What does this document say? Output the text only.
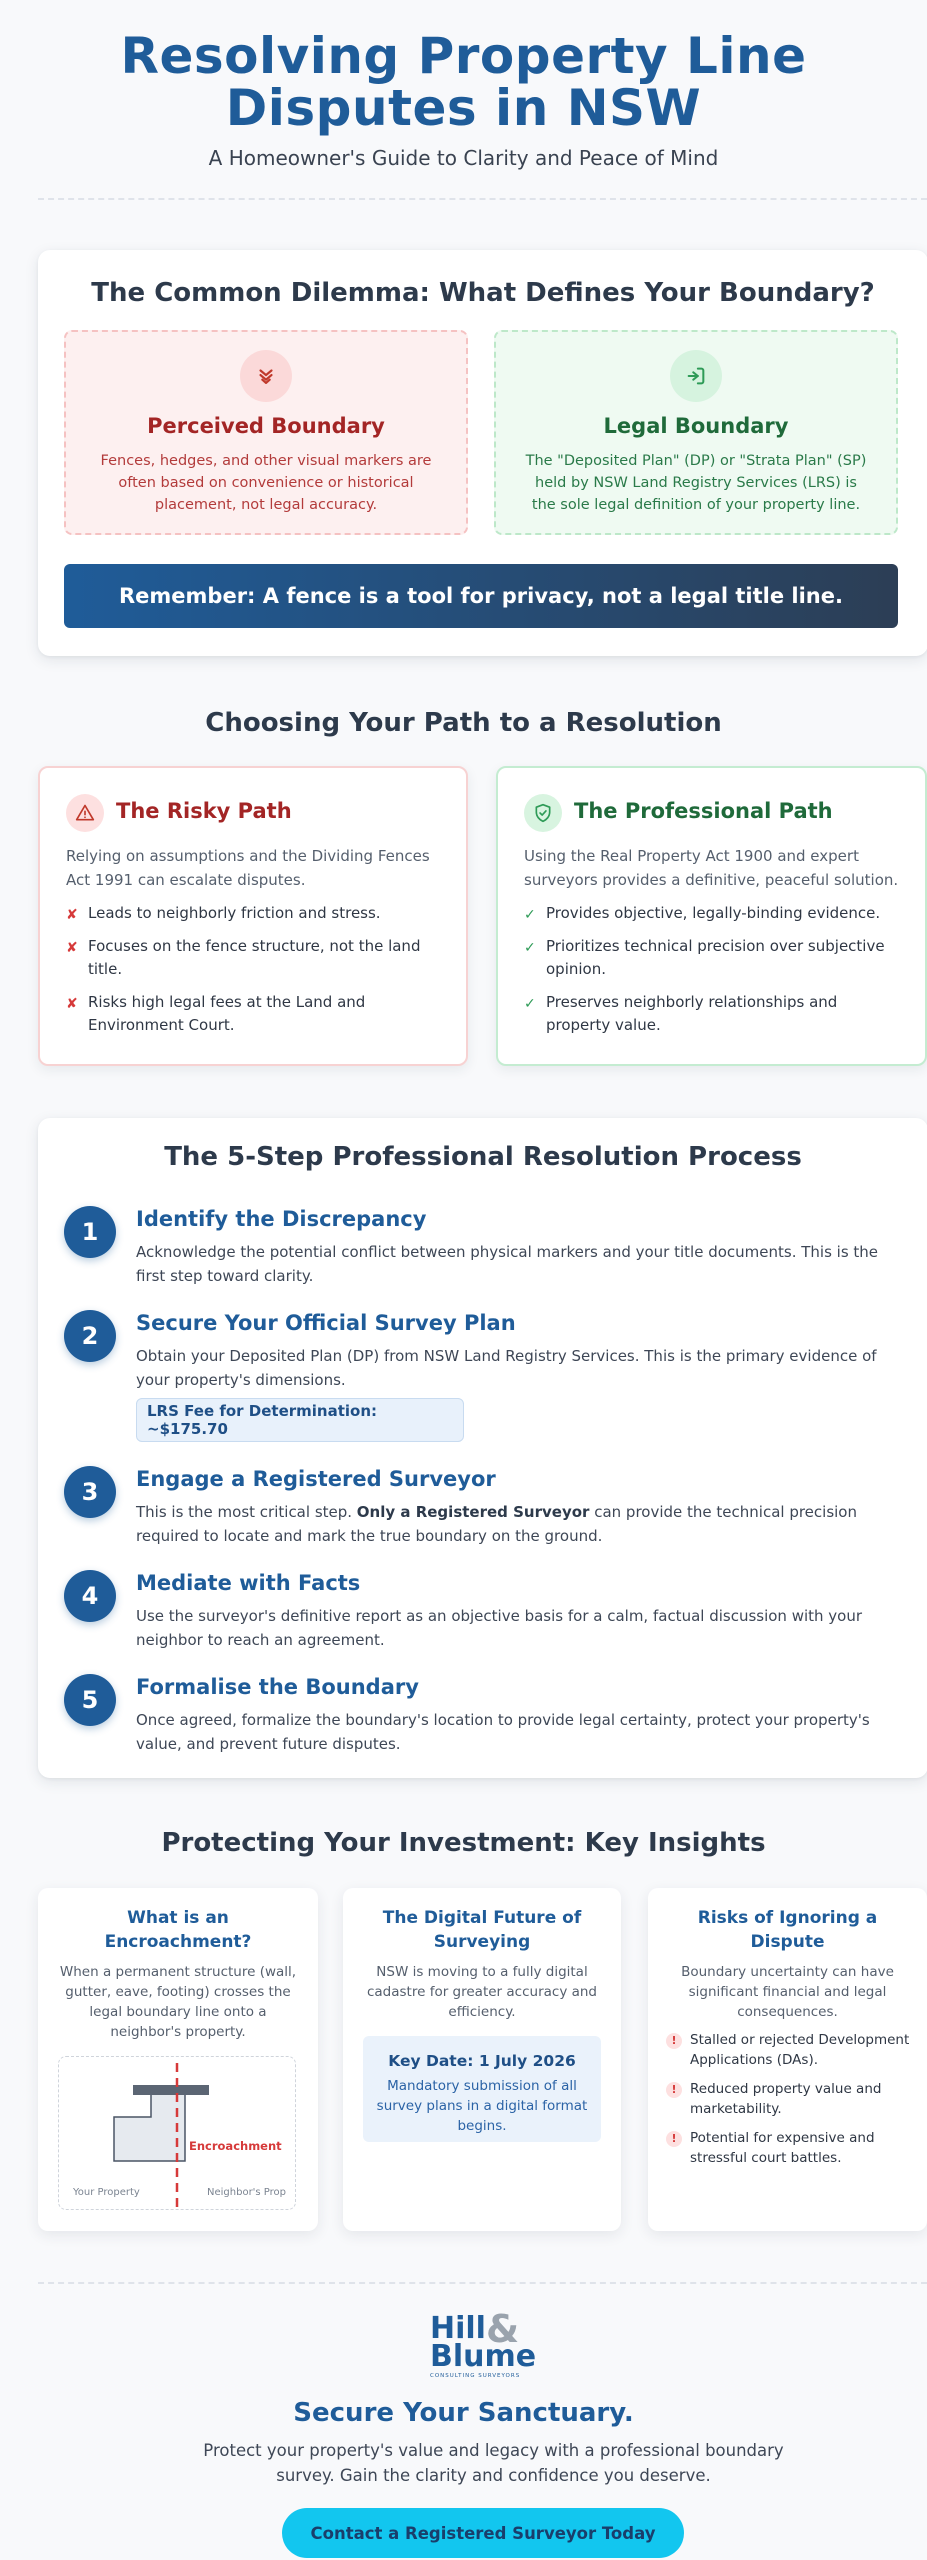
Resolving Property Line Disputes in NSW

A Homeowner's Guide to Clarity and Peace of Mind

The Common Dilemma: What Defines Your Boundary?
Perceived Boundary

Fences, hedges, and other visual markers are often based on convenience or historical placement, not legal accuracy.

Legal Boundary

The "Deposited Plan" (DP) or "Strata Plan" (SP) held by NSW Land Registry Services (LRS) is the sole legal definition of your property line.

Remember: A fence is a tool for privacy, not a legal title line.
Choosing Your Path to a Resolution
The Risky Path

Relying on assumptions and the Dividing Fences Act 1991 can escalate disputes.

✘ Leads to neighborly friction and stress.
✘ Focuses on the fence structure, not the land title.
✘ Risks high legal fees at the Land and Environment Court.
The Professional Path

Using the Real Property Act 1900 and expert surveyors provides a definitive, peaceful solution.

✓ Provides objective, legally-binding evidence.
✓ Prioritizes technical precision over subjective opinion.
✓ Preserves neighborly relationships and property value.
The 5-Step Professional Resolution Process
1	Identify the Discrepancy

Acknowledge the potential conflict between physical markers and your title documents. This is the first step toward clarity.

2	Secure Your Official Survey Plan

Obtain your Deposited Plan (DP) from NSW Land Registry Services. This is the primary evidence of your property's dimensions.

LRS Fee for Determination: ~$175.70
3	Engage a Registered Surveyor

This is the most critical step. Only a Registered Surveyor can provide the technical precision required to locate and mark the true boundary on the ground.

4	Mediate with Facts

Use the surveyor's definitive report as an objective basis for a calm, factual discussion with your neighbor to reach an agreement.

5	Formalise the Boundary

Once agreed, formalize the boundary's location to provide legal certainty, protect your property's value, and prevent future disputes.

Protecting Your Investment: Key Insights
What is an Encroachment?

When a permanent structure (wall, gutter, eave, footing) crosses the legal boundary line onto a neighbor's property.

Encroachment
Your Property	Neighbor's Prop
The Digital Future of Surveying

NSW is moving to a fully digital cadastre for greater accuracy and efficiency.

Key Date: 1 July 2026
Mandatory submission of all survey plans in a digital format begins.
Risks of Ignoring a Dispute

Boundary uncertainty can have significant financial and legal consequences.

! Stalled or rejected Development Applications (DAs).
! Reduced property value and marketability.
! Potential for expensive and stressful court battles.
Hill &
Blume
CONSULTING SURVEYORS
Secure Your Sanctuary.

Protect your property's value and legacy with a professional boundary survey. Gain the clarity and confidence you deserve.

Contact a Registered Surveyor Today
